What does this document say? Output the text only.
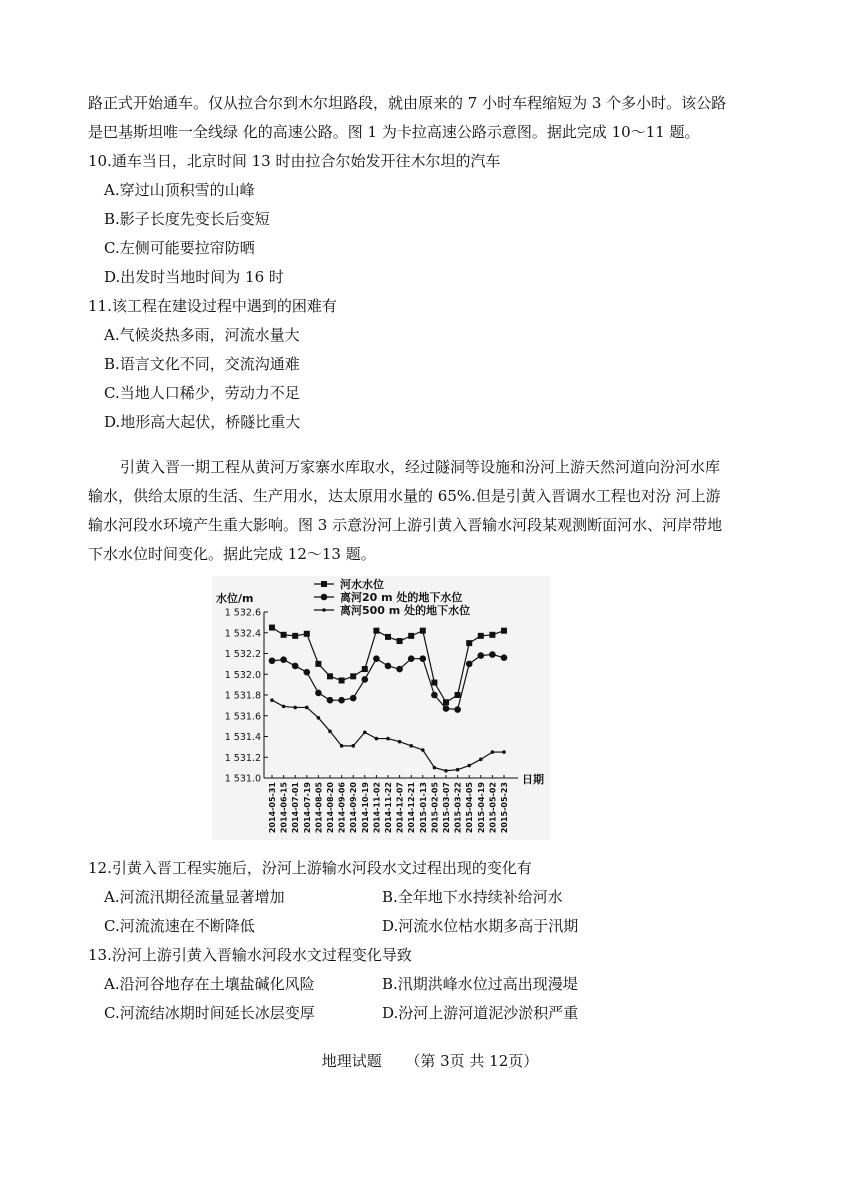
路正式开始通车。仅从拉合尔到木尔坦路段，就由原来的 7 小时车程缩短为 3 个多小时。该公路
是巴基斯坦唯一全线绿 化的高速公路。图 1 为卡拉高速公路示意图。据此完成 10～11 题。
10.通车当日，北京时间 13 时由拉合尔始发开往木尔坦的汽车
A.穿过山顶积雪的山峰
B.影子长度先变长后变短
C.左侧可能要拉帘防晒
D.出发时当地时间为 16 时
11.该工程在建设过程中遇到的困难有
A.气候炎热多雨，河流水量大
B.语言文化不同，交流沟通难
C.当地人口稀少，劳动力不足
D.地形高大起伏，桥隧比重大
引黄入晋一期工程从黄河万家寨水库取水，经过隧洞等设施和汾河上游天然河道向汾河水库
输水，供给太原的生活、生产用水，达太原用水量的 65%.但是引黄入晋调水工程也对汾 河上游
输水河段水环境产生重大影响。图 3 示意汾河上游引黄入晋输水河段某观测断面河水、河岸带地
下水水位时间变化。据此完成 12～13 题。
水位/m
1 532.6
1 532.4
1 532.2
1 532.0
1 531.8
1 531.6
1 531.4
1 531.2
1 531.0	日期
2014-05-31 2014-06-15 2014-07-01 2014-07-19 2014-08-05 2014-08-20 2014-09-06 2014-09-20 2014-10-19 2014-11-02 2014-11-22 2014-12-07 2014-12-21 2015-01-13 2015-02-05 2015-03-07 2015-03-22 2015-04-05 2015-04-19 2015-05-02 2015-05-23
河水水位
离河20 m 处的地下水位
离河500 m 处的地下水位
12.引黄入晋工程实施后，汾河上游输水河段水文过程出现的变化有
A.河流汛期径流量显著增加	B.全年地下水持续补给河水
C.河流流速在不断降低	D.河流水位枯水期多高于汛期
13.汾河上游引黄入晋输水河段水文过程变化导致
A.沿河谷地存在土壤盐碱化风险	B.汛期洪峰水位过高出现漫堤
C.河流结冰期时间延长冰层变厚	D.汾河上游河道泥沙淤积严重
地理试题 （第 3页 共 12页）
